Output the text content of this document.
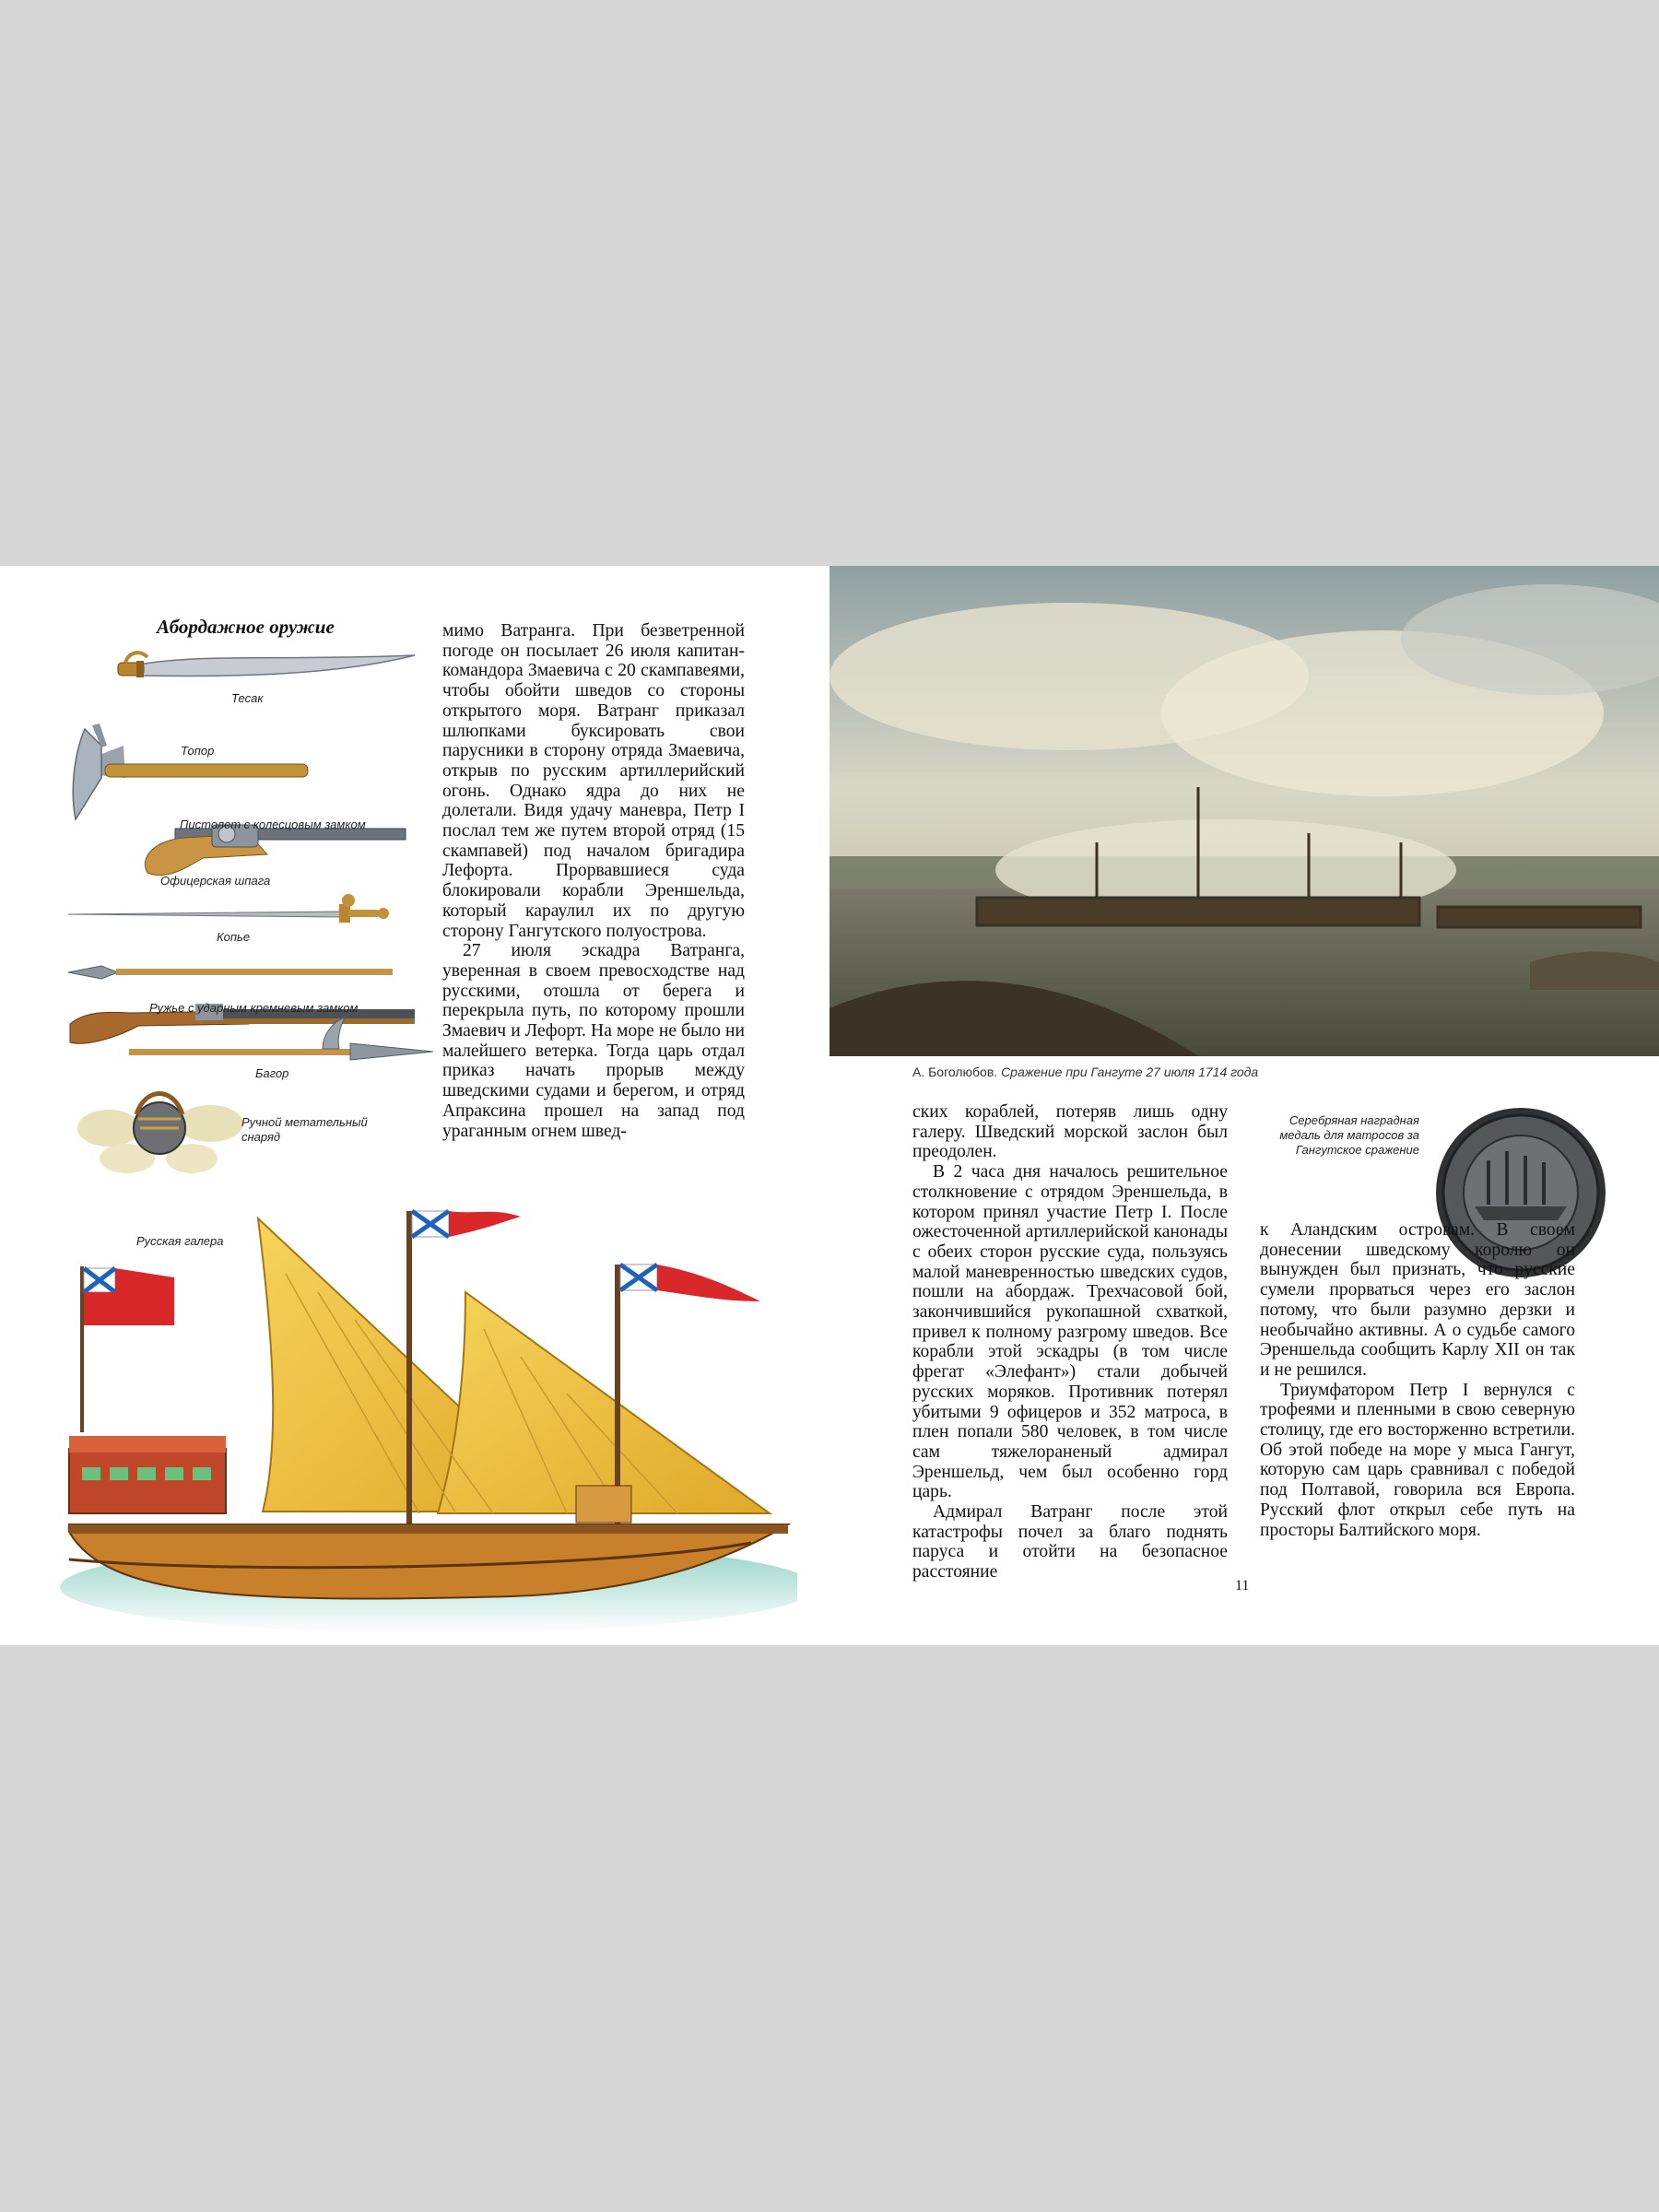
Абордажное оружие
Тесак
Топор
Пистолет с колесцовым замком
Офицерская шпага
Копье
Ружье с ударным кремневым замком
Багор
Ручной метательный снаряд
Русская галера

мимо Ватранга. При безветренной погоде он посылает 26 июля капитан-командора Змаевича с 20 скампавеями, чтобы обойти шведов со стороны открытого моря. Ватранг приказал шлюпками буксировать свои парусники в сторону отряда Змаевича, открыв по русским артиллерийский огонь. Однако ядра до них не долетали. Видя удачу маневра, Петр I послал тем же путем второй отряд (15 скампавей) под началом бригадира Лефорта. Прорвавшиеся суда блокировали корабли Эреншельда, который караулил их по другую сторону Гангутского полуострова.

27 июля эскадра Ватранга, уверенная в своем превосходстве над русскими, отошла от берега и перекрыла путь, по которому прошли Змаевич и Лефорт. На море не было ни малейшего ветерка. Тогда царь отдал приказ начать прорыв между шведскими судами и берегом, и отряд Апраксина прошел на запад под ураганным огнем швед-

А. Боголюбов. Сражение при Гангуте 27 июля 1714 года
Серебряная наградная медаль для матросов за Гангутское сражение

ских кораблей, потеряв лишь одну галеру. Шведский морской заслон был преодолен.

В 2 часа дня началось решительное столкновение с отрядом Эреншельда, в котором принял участие Петр I. После ожесточенной артиллерийской канонады с обеих сторон русские суда, пользуясь малой маневренностью шведских судов, пошли на абордаж. Трехчасовой бой, закончившийся рукопашной схваткой, привел к полному разгрому шведов. Все корабли этой эскадры (в том числе фрегат «Элефант») стали добычей русских моряков. Противник потерял убитыми 9 офицеров и 352 матроса, в плен попали 580 человек, в том числе сам тяжелораненый адмирал Эреншельд, чем был особенно горд царь.

Адмирал Ватранг после этой катастрофы почел за благо поднять паруса и отойти на безопасное расстояние

к Аландским островам. В своем донесении шведскому королю он вынужден был признать, что русские сумели прорваться через его заслон потому, что были разумно дерзки и необычайно активны. А о судьбе самого Эреншельда сообщить Карлу XII он так и не решился.

Триумфатором Петр I вернулся с трофеями и пленными в свою северную столицу, где его восторженно встретили. Об этой победе на море у мыса Гангут, которую сам царь сравнивал с победой под Полтавой, говорила вся Европа. Русский флот открыл себе путь на просторы Балтийского моря.

11
